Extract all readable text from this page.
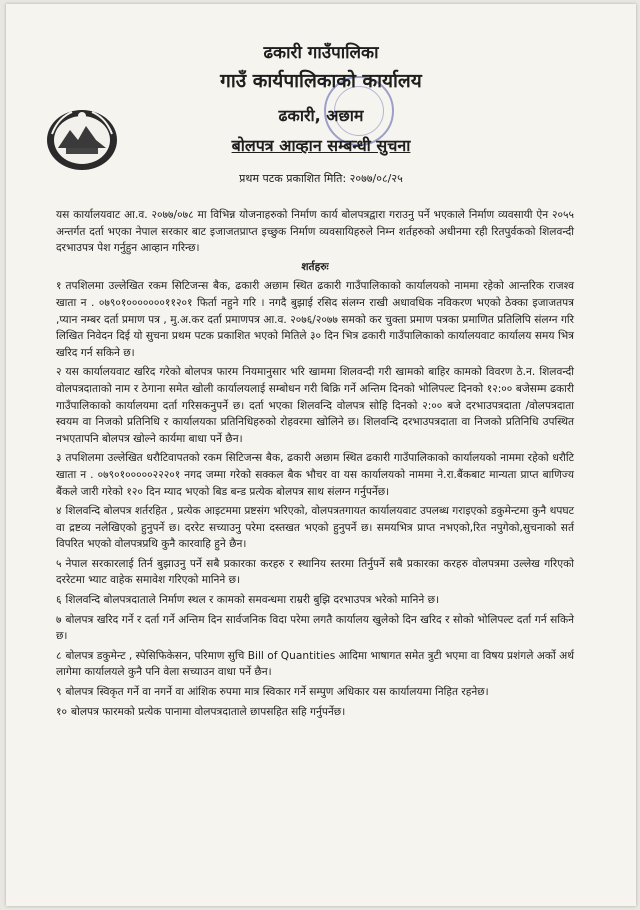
ढकारी गाउँपालिका
गाउँ कार्यपालिकाको कार्यालय
ढकारी, अछाम
बोलपत्र आव्हान सम्बन्धी सुचना
प्रथम पटक प्रकाशित मिति: २०७७/०८/२५

यस कार्यालयवाट आ.व. २०७७/०७८ मा विभिन्न योजनाहरुको निर्माण कार्य बोलपत्रद्वारा गराउनु पर्ने भएकाले निर्माण व्यवसायी ऐन २०५५ अन्तर्गत दर्ता भएका नेपाल सरकार बाट इजाजतप्राप्त इच्छुक निर्माण व्यवसायिहरुले निम्न शर्तहरुको अधीनमा रही रितपुर्वकको शिलवन्दी दरभाउपत्र पेश गर्नुहुन आव्हान गरिन्छ।

शर्तहरुः

१ तपशिलमा उल्लेखित रकम सिटिजन्स बैक, ढकारी अछाम स्थित ढकारी गाउँपालिकाको कार्यालयको नाममा रहेको आन्तरिक राजश्व खाता न . ०७९०१०००००००११२०१ फिर्ता नहुने गरि । नगदै बुझाई रसिद संलग्न राखी अधावधिक नविकरण भएको ठेक्का इजाजतपत्र ,प्यान नम्बर दर्ता प्रमाण पत्र , मु.अ.कर दर्ता प्रमाणपत्र आ.व. २०७६/२०७७ समको कर चुक्ता प्रमाण पत्रका प्रमाणित प्रतिलिपि संलग्न गरि लिखित निवेदन दिई यो सुचना प्रथम पटक प्रकाशित भएको मितिले ३० दिन भित्र ढकारी गाउँपालिकाको कार्यालयवाट कार्यालय समय भित्र खरिद गर्न सकिने छ।

२ यस कार्यालयवाट खरिद गरेको बोलपत्र फारम नियमानुसार भरि खाममा शिलवन्दी गरी खामको बाहिर कामको विवरण ठे.न. शिलवन्दी वोलपत्रदाताको नाम र ठेगाना समेत खोली कार्यालयलाई सम्बोधन गरी बिक्रि गर्ने अन्तिम दिनको भोलिपल्ट दिनको १२:०० बजेसम्म ढकारी गाउँपालिकाको कार्यालयमा दर्ता गरिसकनुपर्ने छ। दर्ता भएका शिलवन्दि वोलपत्र सोहि दिनको २:०० बजे दरभाउपत्रदाता /वोलपत्रदाता स्वयम वा निजको प्रतिनिधि र कार्यालयका प्रतिनिधिहरुको रोहवरमा खोलिने छ। शिलवन्दि दरभाउपत्रदाता वा निजको प्रतिनिधि उपस्थित नभएतापनि बोलपत्र खोल्ने कार्यमा बाधा पर्ने छैन।

३ तपशिलमा उल्लेखित धरौटिवापतको रकम सिटिजन्स बैक, ढकारी अछाम स्थित ढकारी गाउँपालिकाको कार्यालयको नाममा रहेको धरौटि खाता न . ०७९०१०००००२२२०१ नगद जम्मा गरेको सक्कल बैक भौचर वा यस कार्यालयको नाममा ने.रा.बैंकबाट मान्यता प्राप्त बाणिज्य बैंकले जारी गरेको १२० दिन म्याद भएको बिड बन्ड प्रत्येक बोलपत्र साथ संलग्न गर्नुपर्नेछ।

४ शिलवन्दि बोलपत्र शर्तरहित , प्रत्येक आइटममा प्रष्टसंग भरिएको, वोलपत्रतगायत कार्यालयवाट उपलब्ध गराइएको डकुमेन्टमा कुनै थपघट वा द्रष्टव्य नलेखिएको हुनुपर्ने छ। दररेट सच्याउनु परेमा दस्तखत भएको हुनुपर्ने छ। समयभित्र प्राप्त नभएको,रित नपुगेको,सुचनाको सर्त विपरित भएको वोलपत्रप्रथि कुनै कारवाहि हुने छैन।

५ नेपाल सरकारलाई तिर्न बुझाउनु पर्ने सबै प्रकारका करहरु र स्थानिय स्तरमा तिर्नुपर्ने सबै प्रकारका करहरु वोलपत्रमा उल्लेख गरिएको दररेटमा भ्याट वाहेक समावेश गरिएको मानिने छ।

६ शिलवन्दि बोलपत्रदाताले निर्माण स्थल र कामको समवन्धमा राम्ररी बुझि दरभाउपत्र भरेको मानिने छ।

७ बोलपत्र खरिद गर्ने र दर्ता गर्ने अन्तिम दिन सार्वजनिक विदा परेमा लगतै कार्यालय खुलेको दिन खरिद र सोको भोलिपल्ट दर्ता गर्न सकिने छ।

८ बोलपत्र डकुमेन्ट , स्पेसिफिकेसन, परिमाण सुचि Bill of Quantities आदिमा भाषागत समेत त्रुटी भएमा वा विषय प्रशंगले अर्को अर्थ लागेमा कार्यालयले कुनै पनि वेला सच्याउन वाधा पर्ने छैन।

९ बोलपत्र स्विकृत गर्ने वा नगर्ने वा आंशिक रुपमा मात्र स्विकार गर्ने सम्पुण अधिकार यस कार्यालयमा निहित रहनेछ।

१० बोलपत्र फारमको प्रत्येक पानामा वोलपत्रदाताले छापसहित सहि गर्नुपर्नेछ।
